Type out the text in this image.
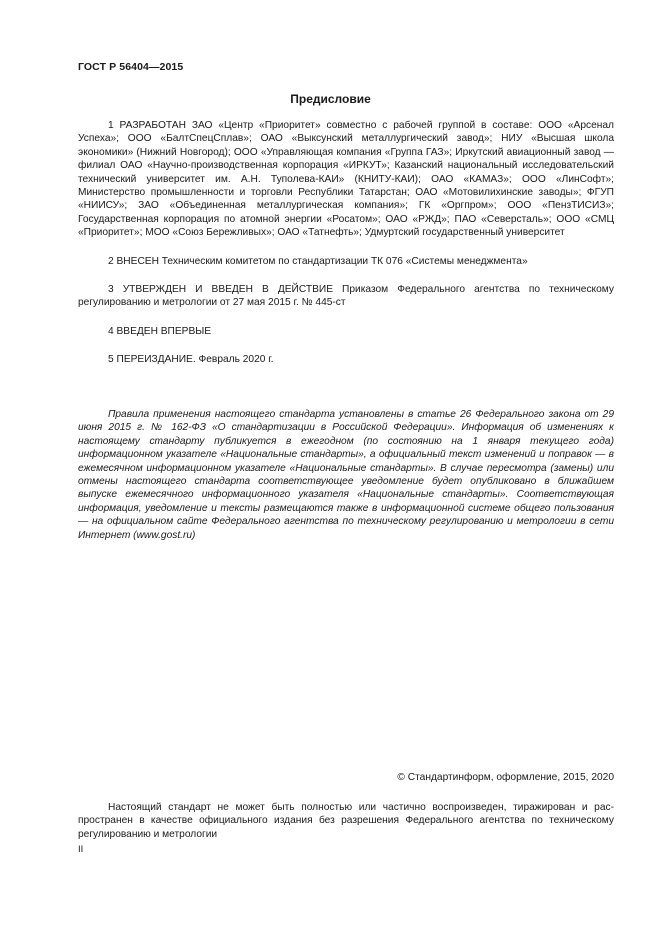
ГОСТ Р 56404—2015
Предисловие

1 РАЗРАБОТАН ЗАО «Центр «Приоритет» совместно с рабочей группой в составе: ООО «Арсенал Успеха»; ООО «БалтСпецСплав»; ОАО «Выксунский металлургический завод»; НИУ «Высшая школа экономики» (Нижний Новгород); ООО «Управляющая компания «Группа ГАЗ»; Иркутский авиационный завод — филиал ОАО «Научно-производственная корпорация «ИРКУТ»; Казанский национальный исследовательский технический университет им. А.Н. Туполева-КАИ» (КНИТУ-КАИ); ОАО «КАМАЗ»; ООО «ЛинСофт»; Министерство промышленности и торговли Республики Татарстан; ОАО «Мотовилихинские заводы»; ФГУП «НИИСУ»; ЗАО «Объединенная металлургическая компания»; ГК «Оргпром»; ООО «ПензТИСИЗ»; Государственная корпорация по атомной энергии «Росатом»; ОАО «РЖД»; ПАО «Северсталь»; ООО «СМЦ «Приоритет»; МОО «Союз Бережливых»; ОАО «Татнефть»; Удмуртский государственный университет

2 ВНЕСЕН Техническим комитетом по стандартизации ТК 076 «Системы менеджмента»

3 УТВЕРЖДЕН И ВВЕДЕН В ДЕЙСТВИЕ Приказом Федерального агентства по техническому регулированию и метрологии от 27 мая 2015 г. № 445-ст

4 ВВЕДЕН ВПЕРВЫЕ

5 ПЕРЕИЗДАНИЕ. Февраль 2020 г.

Правила применения настоящего стандарта установлены в статье 26 Федерального закона от 29 июня 2015 г. № 162-ФЗ «О стандартизации в Российской Федерации». Информация об изменениях к настоящему стандарту публикуется в ежегодном (по состоянию на 1 января текущего года) информационном указателе «Национальные стандарты», а официальный текст изменений и поправок — в ежемесячном информационном указателе «Национальные стандарты». В случае пересмотра (замены) или отмены настоящего стандарта соответствующее уведомление будет опубликовано в ближайшем выпуске ежемесячного информационного указателя «Национальные стандарты». Соответствующая информация, уведомление и тексты размещаются также в информационной системе общего пользования — на официальном сайте Федерального агентства по техническому регулированию и метрологии в сети Интернет (www.gost.ru)

© Стандартинформ, оформление, 2015, 2020

Настоящий стандарт не может быть полностью или частично воспроизведен, тиражирован и распространен в качестве официального издания без разрешения Федерального агентства по техническому регулированию и метрологии

II
